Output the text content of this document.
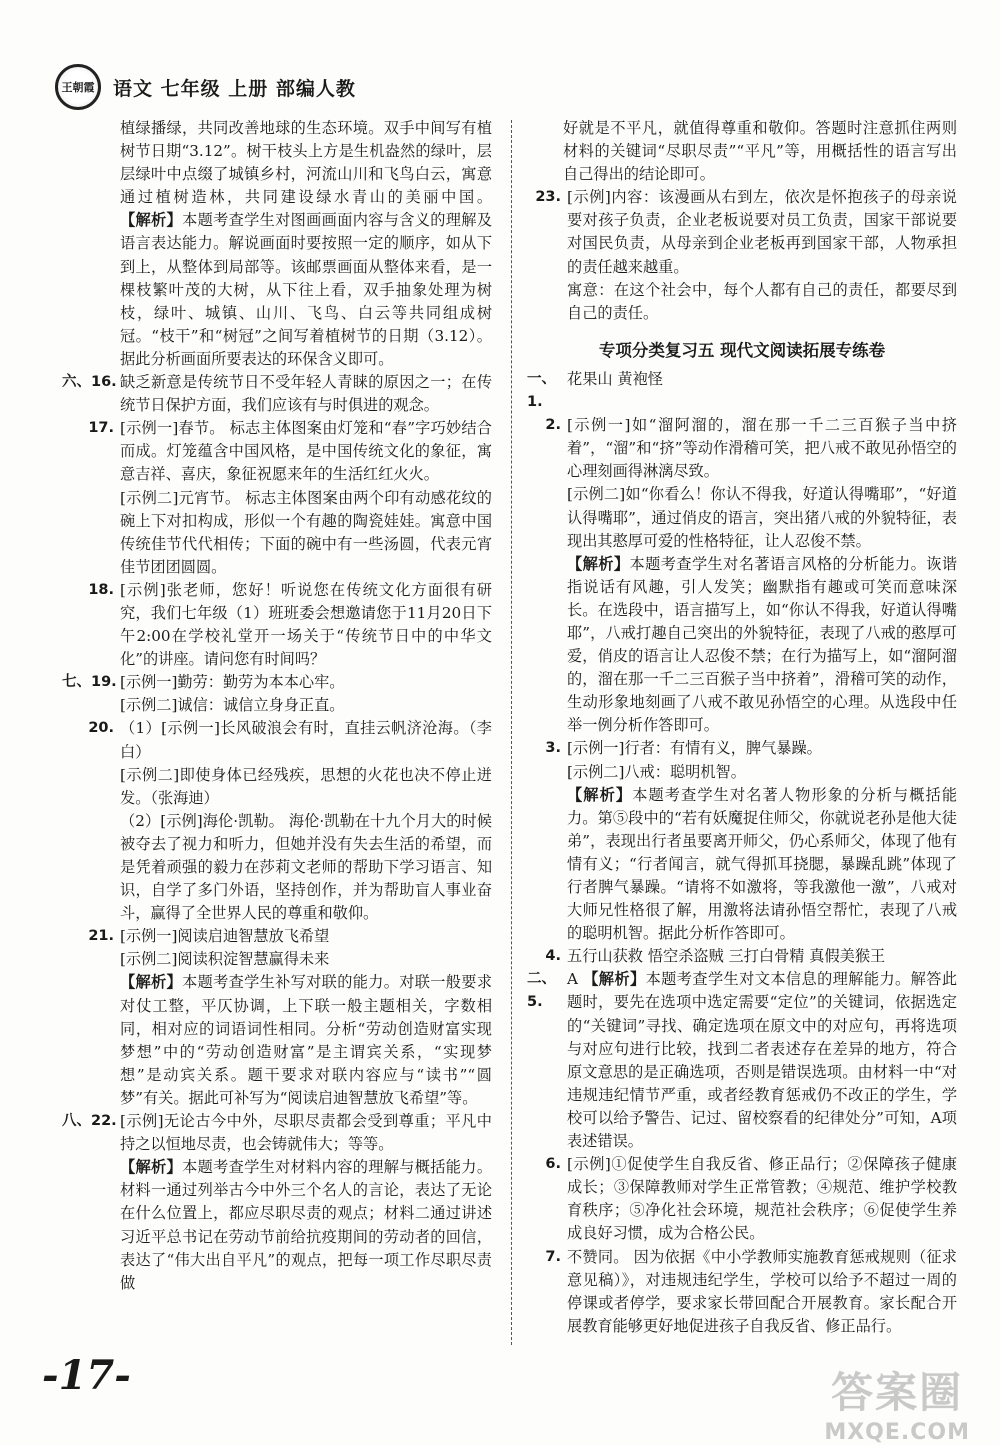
王朝霞 语文 七年级 上册 部编人教

植绿播绿，共同改善地球的生态环境。双手中间写有植树节日期“3.12”。树干枝头上方是生机盎然的绿叶，层层绿叶中点缀了城镇乡村，河流山川和飞鸟白云，寓意通过植树造林，共同建设绿水青山的美丽中国。【解析】本题考查学生对图画画面内容与含义的理解及语言表达能力。解说画面时要按照一定的顺序，如从下到上，从整体到局部等。该邮票画面从整体来看，是一棵枝繁叶茂的大树，从下往上看，双手抽象处理为树枝，绿叶、城镇、山川、飞鸟、白云等共同组成树冠。“枝干”和“树冠”之间写着植树节的日期（3.12）。据此分析画面所要表达的环保含义即可。

六、16. 缺乏新意是传统节日不受年轻人青睐的原因之一；在传统节日保护方面，我们应该有与时俱进的观念。
17. [示例一]春节。 标志主体图案由灯笼和“春”字巧妙结合而成。灯笼蕴含中国风格，是中国传统文化的象征，寓意吉祥、喜庆，象征祝愿来年的生活红红火火。

[示例二]元宵节。 标志主体图案由两个印有动感花纹的碗上下对扣构成，形似一个有趣的陶瓷娃娃。寓意中国传统佳节代代相传；下面的碗中有一些汤圆，代表元宵佳节团团圆圆。

18. [示例]张老师，您好！听说您在传统文化方面很有研究，我们七年级（1）班班委会想邀请您于11月20日下午2:00在学校礼堂开一场关于“传统节日中的中华文化”的讲座。请问您有时间吗？
七、19. [示例一]勤劳：勤劳为本本心牢。

[示例二]诚信：诚信立身身正直。

20. （1）[示例一]长风破浪会有时，直挂云帆济沧海。（李白）

[示例二]即使身体已经残疾，思想的火花也决不停止迸发。（张海迪）

（2）[示例]海伦·凯勒。 海伦·凯勒在十九个月大的时候被夺去了视力和听力，但她并没有失去生活的希望，而是凭着顽强的毅力在莎莉文老师的帮助下学习语言、知识，自学了多门外语，坚持创作，并为帮助盲人事业奋斗，赢得了全世界人民的尊重和敬仰。

21. [示例一]阅读启迪智慧放飞希望

[示例二]阅读积淀智慧赢得未来

【解析】本题考查学生补写对联的能力。对联一般要求对仗工整，平仄协调，上下联一般主题相关，字数相同，相对应的词语词性相同。分析“劳动创造财富实现梦想”中的“劳动创造财富”是主谓宾关系，“实现梦想”是动宾关系。题干要求对联内容应与“读书”“圆梦”有关。据此可补写为“阅读启迪智慧放飞希望”等。

八、22. [示例]无论古今中外，尽职尽责都会受到尊重；平凡中持之以恒地尽责，也会铸就伟大；等等。

【解析】本题考查学生对材料内容的理解与概括能力。材料一通过列举古今中外三个名人的言论，表达了无论在什么位置上，都应尽职尽责的观点；材料二通过讲述习近平总书记在劳动节前给抗疫期间的劳动者的回信，表达了“伟大出自平凡”的观点，把每一项工作尽职尽责做

好就是不平凡，就值得尊重和敬仰。答题时注意抓住两则材料的关键词“尽职尽责”“平凡”等，用概括性的语言写出自己得出的结论即可。

23. [示例]内容：该漫画从右到左，依次是怀抱孩子的母亲说要对孩子负责，企业老板说要对员工负责，国家干部说要对国民负责，从母亲到企业老板再到国家干部，人物承担的责任越来越重。

寓意：在这个社会中，每个人都有自己的责任，都要尽到自己的责任。

专项分类复习五 现代文阅读拓展专练卷
一、1.
花果山 黄袍怪
2. [示例一]如“溜阿溜的，溜在那一千二三百猴子当中挤着”，“溜”和“挤”等动作滑稽可笑，把八戒不敢见孙悟空的心理刻画得淋漓尽致。

[示例二]如“你看么！你认不得我，好道认得嘴耶”，“好道认得嘴耶”，通过俏皮的语言，突出猪八戒的外貌特征，表现出其憨厚可爱的性格特征，让人忍俊不禁。

【解析】本题考查学生对名著语言风格的分析能力。诙谐指说话有风趣，引人发笑；幽默指有趣或可笑而意味深长。在选段中，语言描写上，如“你认不得我，好道认得嘴耶”，八戒打趣自己突出的外貌特征，表现了八戒的憨厚可爱，俏皮的语言让人忍俊不禁；在行为描写上，如“溜阿溜的，溜在那一千二三百猴子当中挤着”，滑稽可笑的动作，生动形象地刻画了八戒不敢见孙悟空的心理。从选段中任举一例分析作答即可。

3. [示例一]行者：有情有义，脾气暴躁。

[示例二]八戒：聪明机智。

【解析】本题考查学生对名著人物形象的分析与概括能力。第⑤段中的“若有妖魔捉住师父，你就说老孙是他大徒弟”，表现出行者虽要离开师父，仍心系师父，体现了他有情有义；“行者闻言，就气得抓耳挠腮，暴躁乱跳”体现了行者脾气暴躁。“请将不如激将，等我激他一激”，八戒对大师兄性格很了解，用激将法请孙悟空帮忙，表现了八戒的聪明机智。据此分析作答即可。

4. 五行山获救 悟空杀盗贼 三打白骨精 真假美猴王
二、5.

A 【解析】本题考查学生对文本信息的理解能力。解答此题时，要先在选项中选定需要“定位”的关键词，依据选定的“关键词”寻找、确定选项在原文中的对应句，再将选项与对应句进行比较，找到二者表述存在差异的地方，符合原文意思的是正确选项，否则是错误选项。由材料一中“对违规违纪情节严重，或者经教育惩戒仍不改正的学生，学校可以给予警告、记过、留校察看的纪律处分”可知，A项表述错误。

6. [示例]①促使学生自我反省、修正品行；②保障孩子健康成长；③保障教师对学生正常管教；④规范、维护学校教育秩序；⑤净化社会环境，规范社会秩序；⑥促使学生养成良好习惯，成为合格公民。
7. 不赞同。 因为依据《中小学教师实施教育惩戒规则（征求意见稿）》，对违规违纪学生，学校可以给予不超过一周的停课或者停学，要求家长带回配合开展教育。家长配合开展教育能够更好地促进孩子自我反省、修正品行。
-17-	答案圈
MXQE.COM
